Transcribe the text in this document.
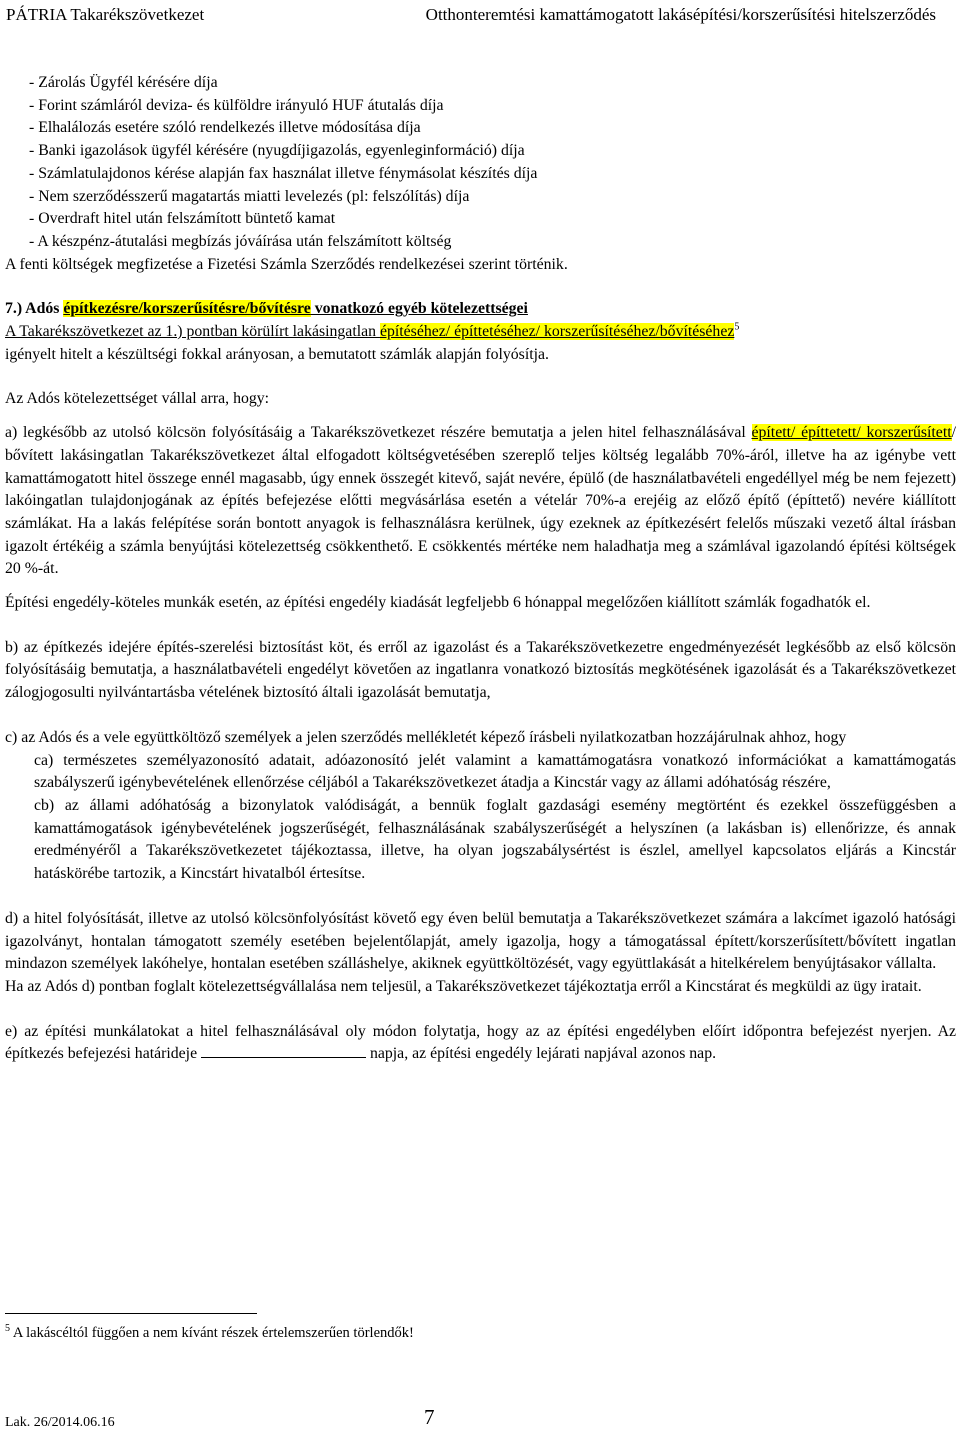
PÁTRIA Takarékszövetkezet	Otthonteremtési kamattámogatott lakásépítési/korszerűsítési hitelszerződés
- Zárolás Ügyfél kérésére díja
- Forint számláról deviza- és külföldre irányuló HUF átutalás díja
- Elhalálozás esetére szóló rendelkezés illetve módosítása díja
- Banki igazolások ügyfél kérésére (nyugdíjigazolás, egyenleginformáció) díja
- Számlatulajdonos kérése alapján fax használat illetve fénymásolat készítés díja
- Nem szerződésszerű magatartás miatti levelezés (pl: felszólítás) díja
- Overdraft hitel után felszámított büntető kamat
- A készpénz-átutalási megbízás jóváírása után felszámított költség
A fenti költségek megfizetése a Fizetési Számla Szerződés rendelkezései szerint történik.
7.) Adós építkezésre/korszerűsítésre/bővítésre vonatkozó egyéb kötelezettségei
A Takarékszövetkezet az 1.) pontban körülírt lakásingatlan építéséhez/ építtetéséhez/ korszerűsítéséhez/bővítéséhez$^5$
igényelt hitelt a készültségi fokkal arányosan, a bemutatott számlák alapján folyósítja.
Az Adós kötelezettséget vállal arra, hogy:
a) legkésőbb az utolsó kölcsön folyósításáig a Takarékszövetkezet részére bemutatja a jelen hitel felhasználásával épített/ építtetett/ korszerűsített/ bővített lakásingatlan Takarékszövetkezet által elfogadott költségvetésében szereplő teljes költség legalább 70%-áról, illetve ha az igénybe vett kamattámogatott hitel összege ennél magasabb, úgy ennek összegét kitevő, saját nevére, épülő (de használatbavételi engedéllyel még be nem fejezett) lakóingatlan tulajdonjogának az építés befejezése előtti megvásárlása esetén a vételár 70%-a erejéig az előző építő (építtető) nevére kiállított számlákat. Ha a lakás felépítése során bontott anyagok is felhasználásra kerülnek, úgy ezeknek az építkezésért felelős műszaki vezető által írásban igazolt értékéig a számla benyújtási kötelezettség csökkenthető. E csökkentés mértéke nem haladhatja meg a számlával igazolandó építési költségek 20 %-át.
Építési engedély-köteles munkák esetén, az építési engedély kiadását legfeljebb 6 hónappal megelőzően kiállított számlák fogadhatók el.
b) az építkezés idejére építés-szerelési biztosítást köt, és erről az igazolást és a Takarékszövetkezetre engedményezését legkésőbb az első kölcsön folyósításáig bemutatja, a használatbavételi engedélyt követően az ingatlanra vonatkozó biztosítás megkötésének igazolását és a Takarékszövetkezet zálogjogosulti nyilvántartásba vételének biztosító általi igazolását bemutatja,
c) az Adós és a vele együttköltöző személyek a jelen szerződés mellékletét képező írásbeli nyilatkozatban hozzájárulnak ahhoz, hogy
ca) természetes személyazonosító adatait, adóazonosító jelét valamint a kamattámogatásra vonatkozó információkat a kamattámogatás szabályszerű igénybevételének ellenőrzése céljából a Takarékszövetkezet átadja a Kincstár vagy az állami adóhatóság részére,
cb) az állami adóhatóság a bizonylatok valódiságát, a bennük foglalt gazdasági esemény megtörtént és ezekkel összefüggésben a kamattámogatások igénybevételének jogszerűségét, felhasználásának szabályszerűségét a helyszínen (a lakásban is) ellenőrizze, és annak eredményéről a Takarékszövetkezetet tájékoztassa, illetve, ha olyan jogszabálysértést is észlel, amellyel kapcsolatos eljárás a Kincstár hatáskörébe tartozik, a Kincstárt hivatalból értesítse.
d) a hitel folyósítását, illetve az utolsó kölcsönfolyósítást követő egy éven belül bemutatja a Takarékszövetkezet számára a lakcímet igazoló hatósági igazolványt, hontalan támogatott személy esetében bejelentőlapját, amely igazolja, hogy a támogatással épített/korszerűsített/bővített ingatlan mindazon személyek lakóhelye, hontalan esetében szálláshelye, akiknek együttköltözését, vagy együttlakását a hitelkérelem benyújtásakor vállalta.
Ha az Adós d) pontban foglalt kötelezettségvállalása nem teljesül, a Takarékszövetkezet tájékoztatja erről a Kincstárat és megküldi az ügy iratait.
e) az építési munkálatokat a hitel felhasználásával oly módon folytatja, hogy az az építési engedélyben előírt időpontra befejezést nyerjen. Az építkezés befejezési határideje	napja, az építési engedély lejárati napjával azonos nap.
$^5$ A lakáscéltól függően a nem kívánt részek értelemszerűen törlendők!
Lak. 26/2014.06.16	7
